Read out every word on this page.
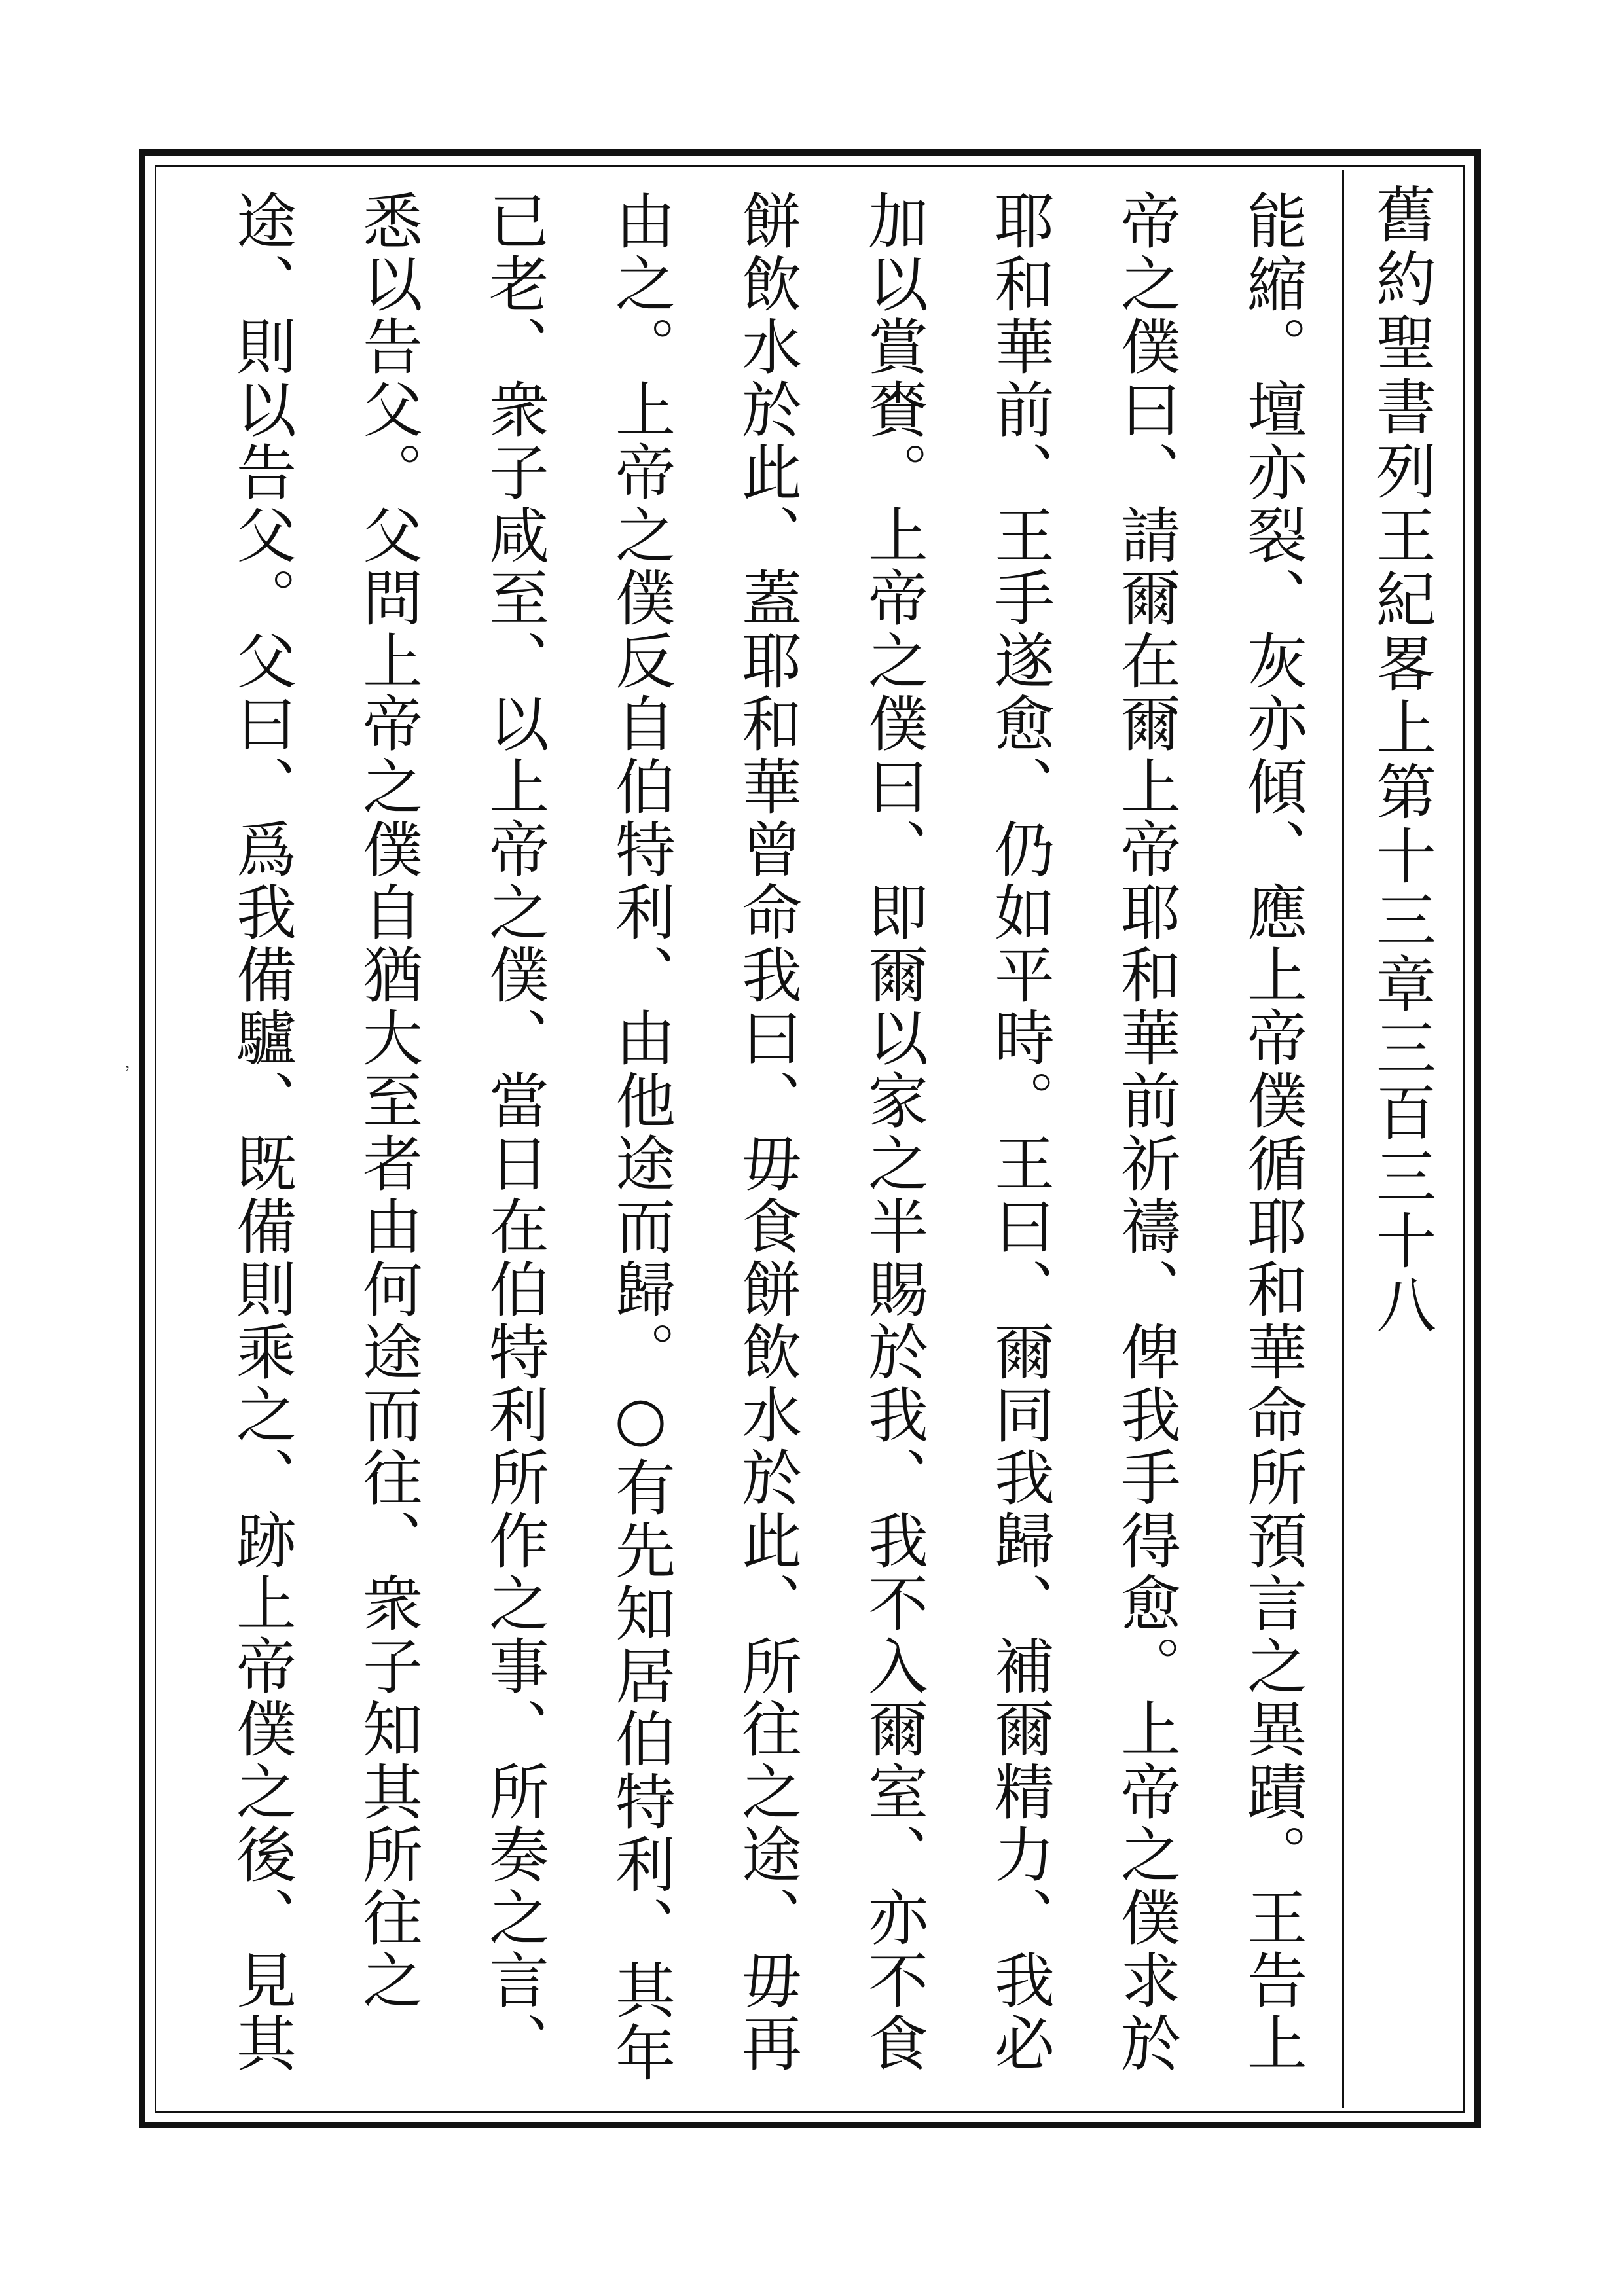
舊約聖書列王紀畧上第十三章三百三十八

能縮。壇亦裂、灰亦傾、應上帝僕循耶和華命所預言之異蹟。王告上帝之僕曰、請爾在爾上帝耶和華前祈禱、俾我手得愈。上帝之僕求於耶和華前、王手遂愈、仍如平時。王曰、爾同我歸、補爾精力、我必加以賞賚。上帝之僕曰、即爾以家之半賜於我、我不入爾室、亦不食餅飲水於此、蓋耶和華曾命我曰、毋食餅飲水於此、所往之途、毋再由之。上帝之僕反自伯特利、由他途而歸。○有先知居伯特利、其年已老、衆子咸至、以上帝之僕、當日在伯特利所作之事、所奏之言、悉以告父。父問上帝之僕自猶大至者由何途而往、衆子知其所往之途、則以告父。父曰、爲我備驢、既備則乘之、跡上帝僕之後、見其

，
